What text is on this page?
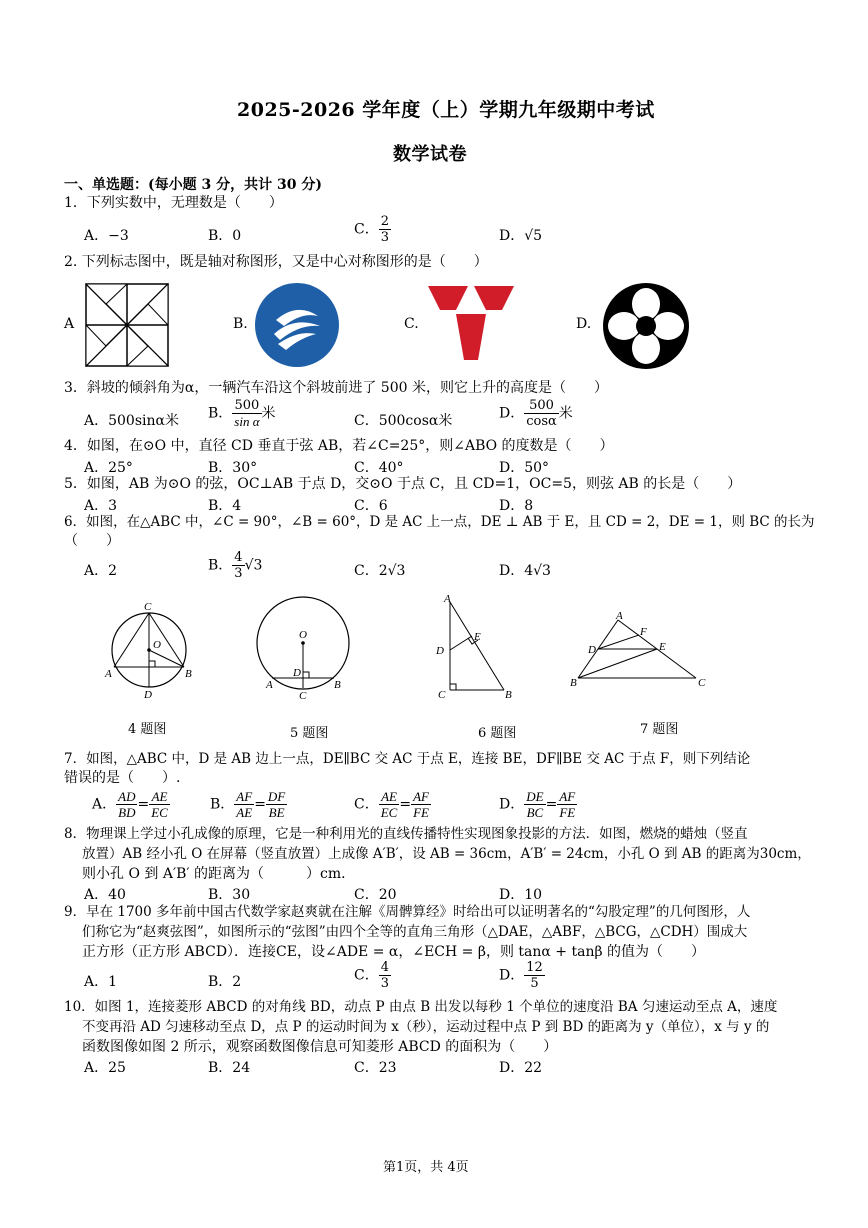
2025-2026 学年度（上）学期九年级期中考试
数学试卷
一、单选题：(每小题 3 分，共计 30 分)
1．下列实数中，无理数是（　　）
A．−3	B．0	C． $\frac{2}{3}$	D．√5
2. 下列标志图中，既是轴对称图形，又是中心对称图形的是（　　）
A	B.	C.	D.
3．斜坡的倾斜角为α，一辆汽车沿这个斜坡前进了 500 米，则它上升的高度是（　　）
A．500sinα米 B． $\frac{500}{\text{sin α}}$ 米	C．500cosα米	D． $\frac{500}{\cos\alpha}$ 米
4．如图，在⊙O 中，直径 CD 垂直于弦 AB，若∠C=25°，则∠ABO 的度数是（　　）
A．25°	B．30°	C．40°	D．50°
5．如图，AB 为⊙O 的弦，OC⊥AB 于点 D，交⊙O 于点 C，且 CD=1，OC=5，则弦 AB 的长是（　　）
A．3	B．4	C．6	D．8
6．如图，在△ABC 中，∠C = 90°，∠B = 60°，D 是 AC 上一点，DE ⊥ AB 于 E，且 CD = 2，DE = 1，则 BC 的长为
（　　）
A．2	B． $\frac{4}{3} √3$	C．2√3	D．4√3
C
O
A	B
D
4 题图
O
D
A
C
B
5 题图
A
E
D
C	B
6 题图
A
F
D	E
B	C
7 题图
7．如图，△ABC 中，D 是 AB 边上一点，DE∥BC 交 AC 于点 E，连接 BE，DF∥BE 交 AC 于点 F，则下列结论
错误的是（　　）.
A． $\frac{AD}{BD} = \frac{AE}{EC}$	B． $\frac{AF}{AE} = \frac{DF}{BE}$	C． $\frac{AE}{EC} = \frac{AF}{FE}$	D． $\frac{DE}{BC} = \frac{AF}{FE}$
8．物理课上学过小孔成像的原理，它是一种利用光的直线传播特性实现图象投影的方法．如图，燃烧的蜡烛（竖直
放置）AB 经小孔 O 在屏幕（竖直放置）上成像 A′B′，设 AB = 36cm，A′B′ = 24cm，小孔 O 到 AB 的距离为30cm，
则小孔 O 到 A′B′ 的距离为（　　　）cm．
A．40	B．30	C．20	D．10
9．早在 1700 多年前中国古代数学家赵爽就在注解《周髀算经》时给出可以证明著名的“勾股定理”的几何图形，人
们称它为“赵爽弦图”，如图所示的“弦图”由四个全等的直角三角形（△DAE，△ABF，△BCG，△CDH）围成大
正方形（正方形 ABCD）．连接CE，设∠ADE = α，∠ECH = β，则 tanα + tanβ 的值为（　　）
A．1	B．2	C． $\frac{4}{3}$	D． $\frac{12}{5}$
10．如图 1，连接菱形 ABCD 的对角线 BD，动点 P 由点 B 出发以每秒 1 个单位的速度沿 BA 匀速运动至点 A，速度
不变再沿 AD 匀速移动至点 D，点 P 的运动时间为 x（秒），运动过程中点 P 到 BD 的距离为 y（单位），x 与 y 的
函数图像如图 2 所示，观察函数图像信息可知菱形 ABCD 的面积为（　　）
A．25	B．24	C．23	D．22
第1页，共 4页
